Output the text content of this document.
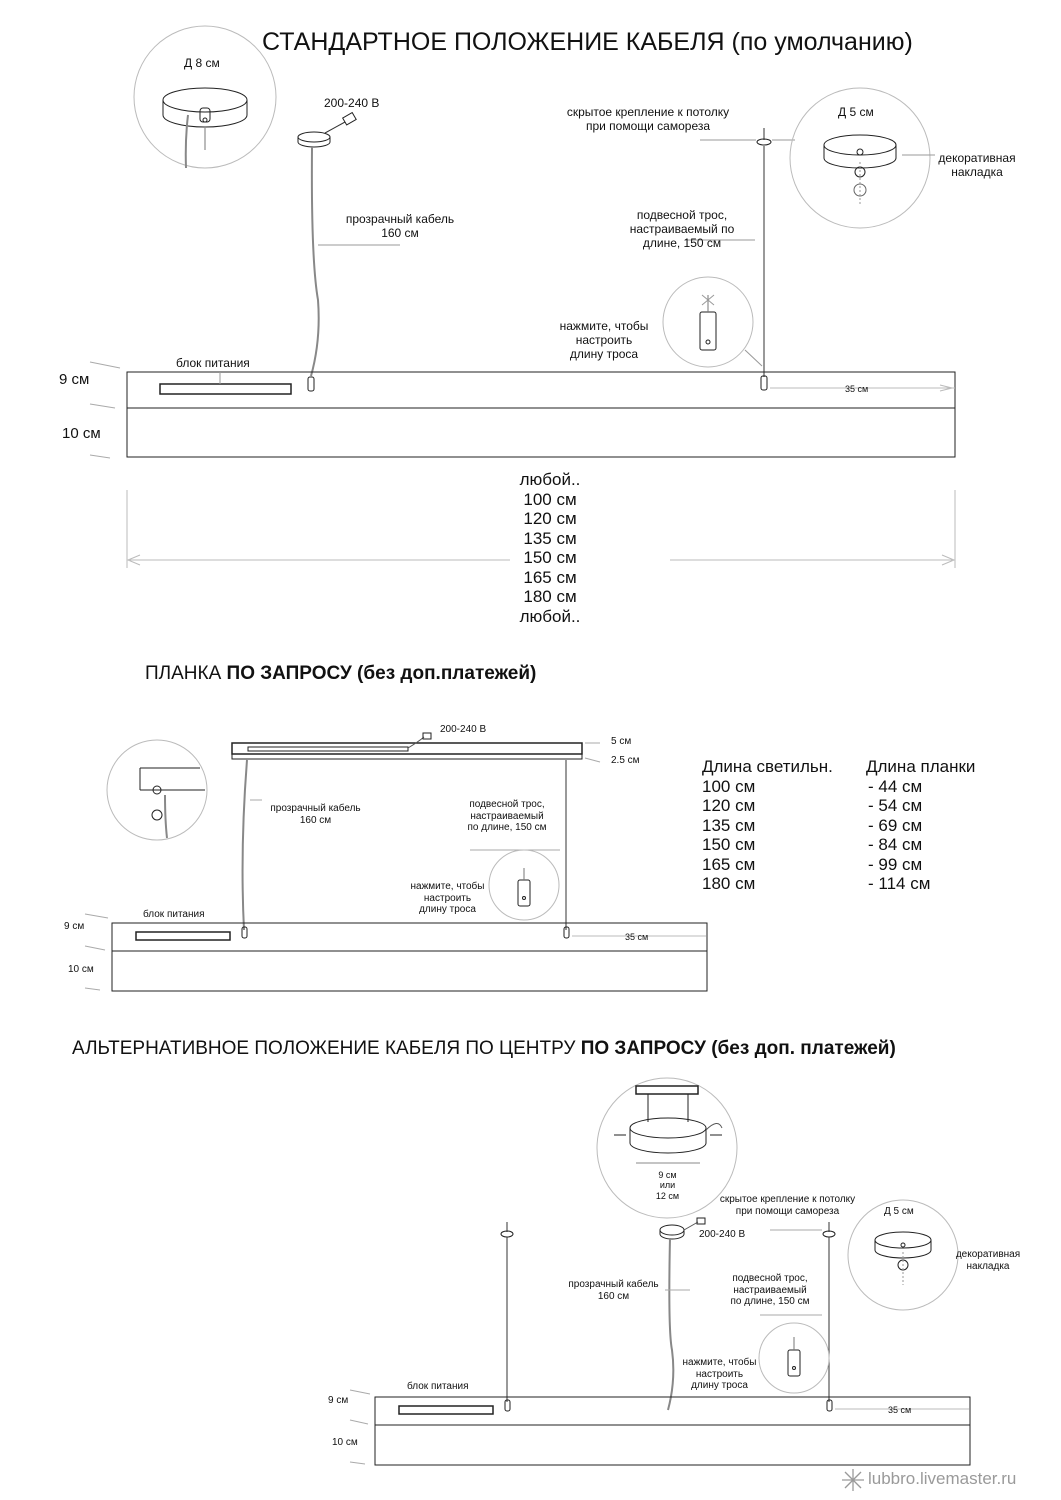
СТАНДАРТНОЕ ПОЛОЖЕНИЕ КАБЕЛЯ (по умолчанию)
Д 8 см
200-240 В
скрытое крепление к потолку
при помощи самореза
Д 5 см
декоративная
накладка
прозрачный кабель
160 см
подвесной трос,
настраиваемый по
длине, 150 см
нажмите, чтобы
настроить
длину троса
блок питания
9 см
10 см
35 см
любой..
100 см
120 см
135 см
150 см
165 см
180 см
любой..
ПЛАНКА ПО ЗАПРОСУ (без доп.платежей)
200-240 В
5 см
2.5 см
прозрачный кабель
160 см
подвесной трос,
настраиваемый
по длине, 150 см
нажмите, чтобы
настроить
длину троса
блок питания
9 см
10 см
35 см
Длина светильн. Длина планки
100 см	- 44 см
120 см	- 54 см
135 см	- 69 см
150 см	- 84 см
165 см	- 99 см
180 см	- 114 см
АЛЬТЕРНАТИВНОЕ ПОЛОЖЕНИЕ КАБЕЛЯ ПО ЦЕНТРУ ПО ЗАПРОСУ (без доп. платежей)
9 см
или
12 см	скрытое крепление к потолку
при помощи самореза	Д 5 см
декоративная
накладка
200-240 В
прозрачный кабель
160 см
подвесной трос,
настраиваемый
по длине, 150 см
нажмите, чтобы
настроить
длину троса
блок питания
9 см
10 см
35 см
lubbro.livemaster.ru
